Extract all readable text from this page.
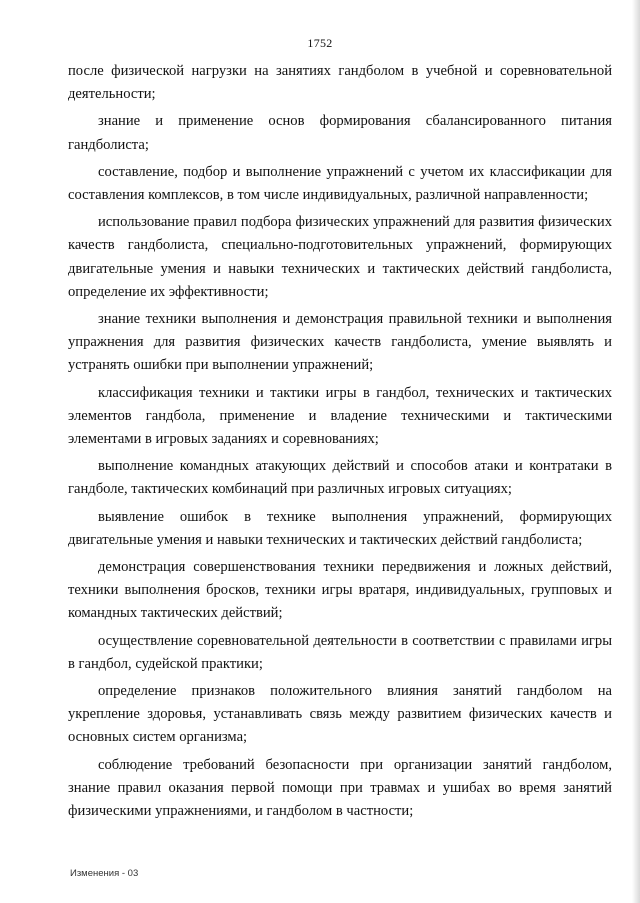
1752

после физической нагрузки на занятиях гандболом в учебной и соревновательной деятельности;

знание и применение основ формирования сбалансированного питания гандболиста;

составление, подбор и выполнение упражнений с учетом их классификации для составления комплексов, в том числе индивидуальных, различной направленности;

использование правил подбора физических упражнений для развития физических качеств гандболиста, специально-подготовительных упражнений, формирующих двигательные умения и навыки технических и тактических действий гандболиста, определение их эффективности;

знание техники выполнения и демонстрация правильной техники и выполнения упражнения для развития физических качеств гандболиста, умение выявлять и устранять ошибки при выполнении упражнений;

классификация техники и тактики игры в гандбол, технических и тактических элементов гандбола, применение и владение техническими и тактическими элементами в игровых заданиях и соревнованиях;

выполнение командных атакующих действий и способов атаки и контратаки в гандболе, тактических комбинаций при различных игровых ситуациях;

выявление ошибок в технике выполнения упражнений, формирующих двигательные умения и навыки технических и тактических действий гандболиста;

демонстрация совершенствования техники передвижения и ложных действий, техники выполнения бросков, техники игры вратаря, индивидуальных, групповых и командных тактических действий;

осуществление соревновательной деятельности в соответствии с правилами игры в гандбол, судейской практики;

определение признаков положительного влияния занятий гандболом на укрепление здоровья, устанавливать связь между развитием физических качеств и основных систем организма;

соблюдение требований безопасности при организации занятий гандболом, знание правил оказания первой помощи при травмах и ушибах во время занятий физическими упражнениями, и гандболом в частности;

Изменения - 03
